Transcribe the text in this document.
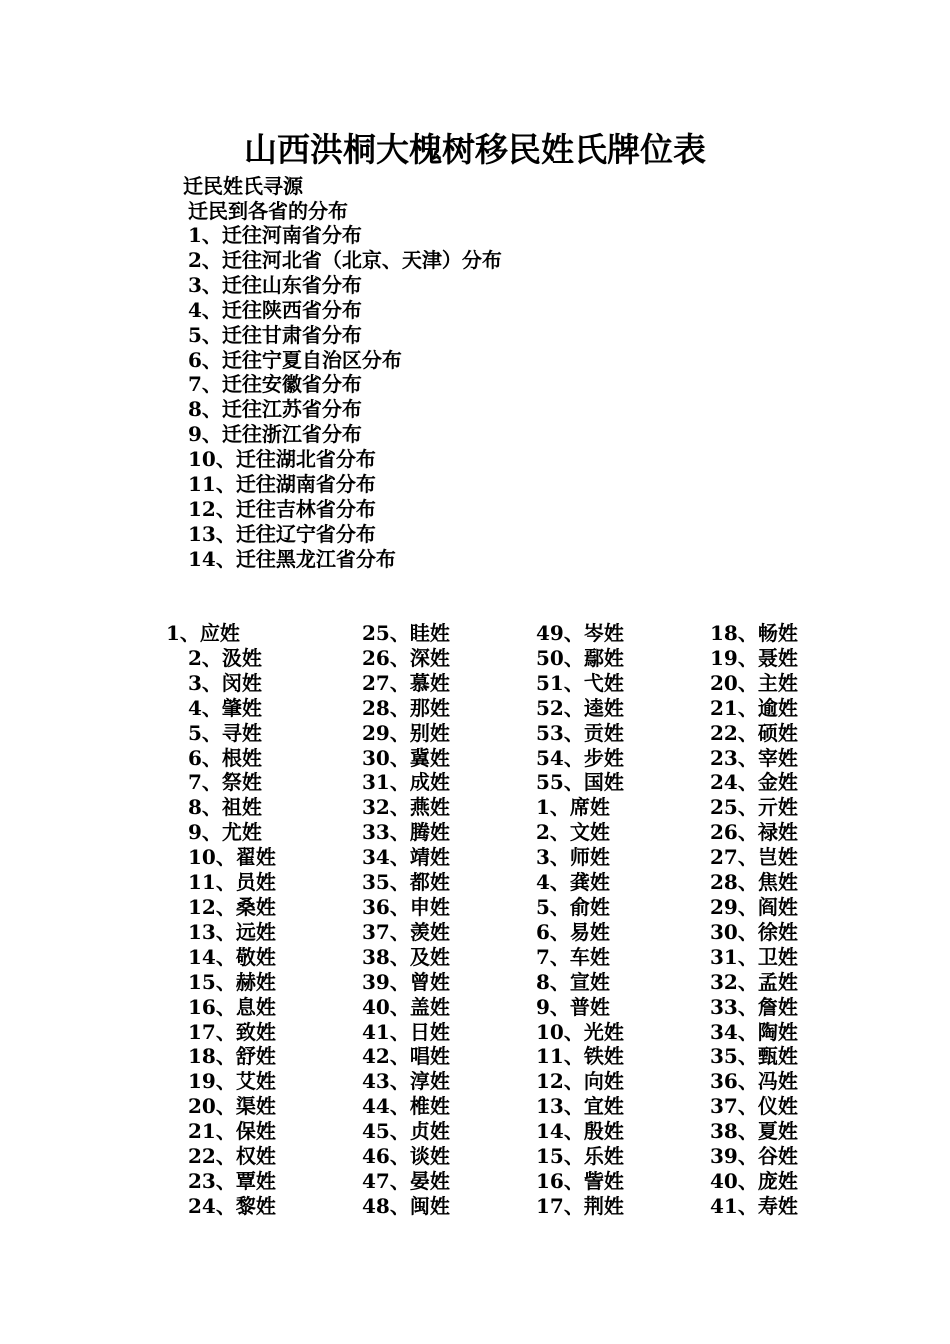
山西洪桐大槐树移民姓氏牌位表
迁民姓氏寻源
迁民到各省的分布
1、迁往河南省分布
2、迁往河北省（北京、天津）分布
3、迁往山东省分布
4、迁往陕西省分布
5、迁往甘肃省分布
6、迁往宁夏自治区分布
7、迁往安徽省分布
8、迁往江苏省分布
9、迁往浙江省分布
10、迁往湖北省分布
11、迁往湖南省分布
12、迁往吉林省分布
13、迁往辽宁省分布
14、迁往黑龙江省分布
1、应姓
2、汲姓
3、闵姓
4、肇姓
5、寻姓
6、根姓
7、祭姓
8、祖姓
9、尤姓
10、翟姓
11、员姓
12、桑姓
13、远姓
14、敬姓
15、赫姓
16、息姓
17、致姓
18、舒姓
19、艾姓
20、渠姓
21、保姓
22、权姓
23、覃姓
24、黎姓
25、眭姓
26、深姓
27、慕姓
28、那姓
29、别姓
30、冀姓
31、成姓
32、燕姓
33、腾姓
34、靖姓
35、都姓
36、申姓
37、羡姓
38、及姓
39、曾姓
40、盖姓
41、日姓
42、唱姓
43、淳姓
44、椎姓
45、贞姓
46、谈姓
47、晏姓
48、闽姓
49、岑姓
50、鄢姓
51、弋姓
52、逵姓
53、贡姓
54、步姓
55、国姓
1、席姓
2、文姓
3、师姓
4、龚姓
5、俞姓
6、易姓
7、车姓
8、宣姓
9、普姓
10、光姓
11、铁姓
12、向姓
13、宜姓
14、殷姓
15、乐姓
16、訾姓
17、荆姓
18、畅姓
19、聂姓
20、主姓
21、逾姓
22、硕姓
23、宰姓
24、金姓
25、亓姓
26、禄姓
27、岂姓
28、焦姓
29、阎姓
30、徐姓
31、卫姓
32、孟姓
33、詹姓
34、陶姓
35、甄姓
36、冯姓
37、仪姓
38、夏姓
39、谷姓
40、庞姓
41、寿姓
